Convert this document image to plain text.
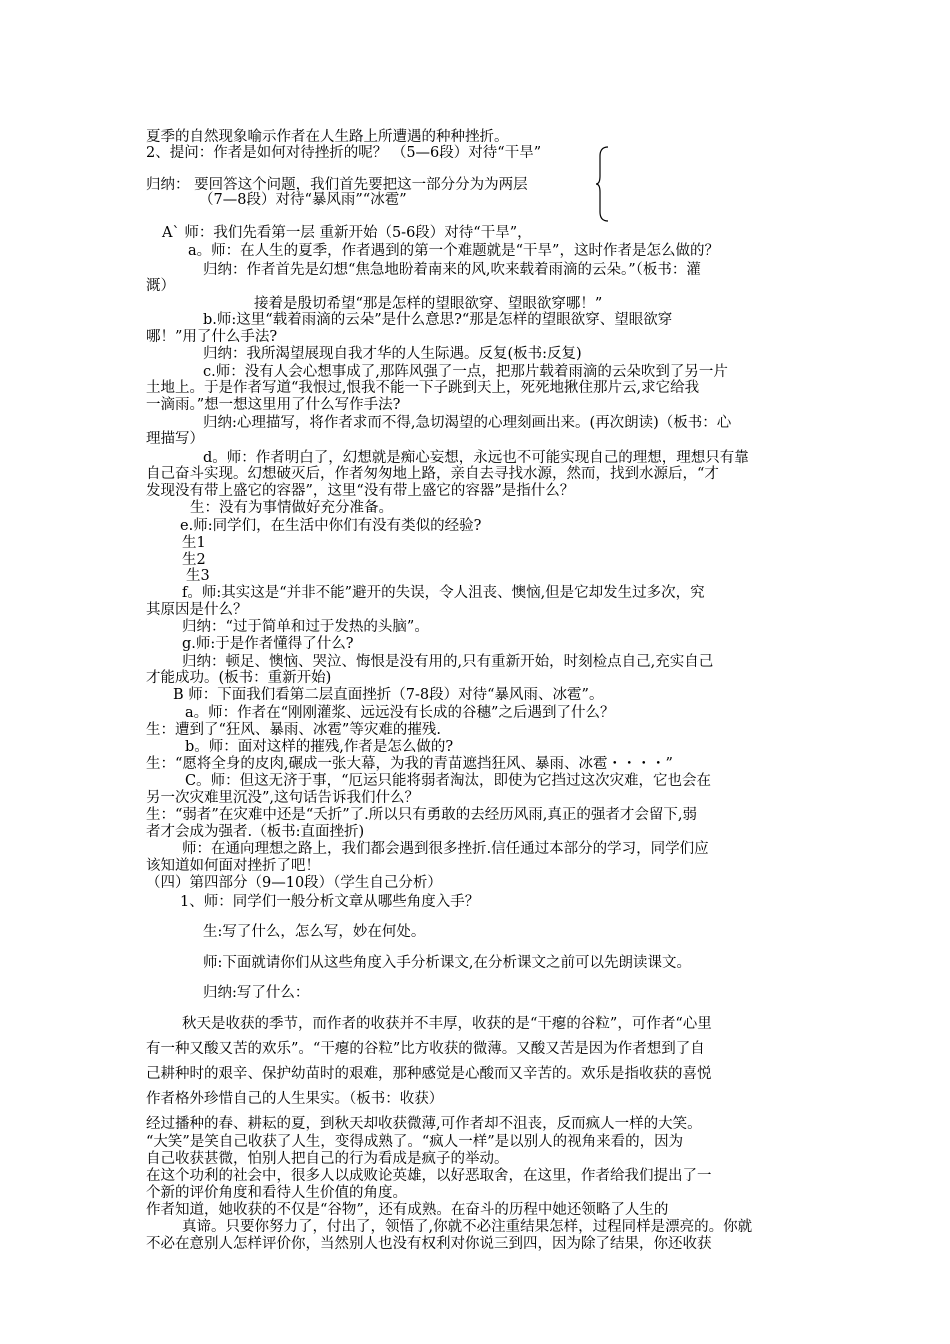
夏季的自然现象喻示作者在人生路上所遭遇的种种挫折。
2、提问：作者是如何对待挫折的呢？ （5—6段）对待“干旱”
归纳： 要回答这个问题，我们首先要把这一部分分为为两层
（7—8段）对待“暴风雨”“冰雹”
A` 师：我们先看第一层 重新开始（5-6段）对待“干旱”，
a。师：在人生的夏季，作者遇到的第一个难题就是“干旱”，这时作者是怎么做的？
归纳：作者首先是幻想“焦急地盼着南来的风,吹来载着雨滴的云朵。”（板书：灌
溉）
接着是殷切希望“那是怎样的望眼欲穿、望眼欲穿哪！”
b.师:这里“载着雨滴的云朵”是什么意思?“那是怎样的望眼欲穿、望眼欲穿
哪！”用了什么手法?
归纳：我所渴望展现自我才华的人生际遇。反复(板书:反复)
c.师：没有人会心想事成了,那阵风强了一点，把那片载着雨滴的云朵吹到了另一片
土地上。于是作者写道“我恨过,恨我不能一下子跳到天上，死死地揪住那片云,求它给我
一滴雨。”想一想这里用了什么写作手法?
归纳:心理描写，将作者求而不得,急切渴望的心理刻画出来。(再次朗读)（板书：心
理描写）
d。师：作者明白了，幻想就是痴心妄想，永远也不可能实现自己的理想，理想只有靠
自己奋斗实现。幻想破灭后，作者匆匆地上路，亲自去寻找水源，然而，找到水源后，“才
发现没有带上盛它的容器”，这里“没有带上盛它的容器”是指什么？
生：没有为事情做好充分准备。
e.师:同学们，在生活中你们有没有类似的经验?
生1
生2
生3
f。师:其实这是“并非不能”避开的失误，令人沮丧、懊恼,但是它却发生过多次，究
其原因是什么？
归纳：“过于简单和过于发热的头脑”。
g.师:于是作者懂得了什么?
归纳：顿足、懊恼、哭泣、悔恨是没有用的,只有重新开始，时刻检点自己,充实自己
才能成功。(板书：重新开始)
B 师：下面我们看第二层直面挫折（7-8段）对待“暴风雨、冰雹”。
a。师：作者在“刚刚灌浆、远远没有长成的谷穗”之后遇到了什么？
生：遭到了“狂风、暴雨、冰雹”等灾难的摧残.
b。师：面对这样的摧残,作者是怎么做的?
生：“愿将全身的皮肉,碾成一张大幕，为我的青苗遮挡狂风、暴雨、冰雹・・・・”
C。师：但这无济于事，“厄运只能将弱者淘汰，即使为它挡过这次灾难，它也会在
另一次灾难里沉没”,这句话告诉我们什么？
生：“弱者”在灾难中还是“夭折”了.所以只有勇敢的去经历风雨,真正的强者才会留下,弱
者才会成为强者.（板书:直面挫折)
师：在通向理想之路上，我们都会遇到很多挫折.信任通过本部分的学习，同学们应
该知道如何面对挫折了吧！
（四）第四部分（9—10段）（学生自己分析）
1、师：同学们一般分析文章从哪些角度入手？
生:写了什么，怎么写，妙在何处。
师:下面就请你们从这些角度入手分析课文,在分析课文之前可以先朗读课文。
归纳:写了什么：
秋天是收获的季节，而作者的收获并不丰厚，收获的是“干瘪的谷粒”，可作者“心里
有一种又酸又苦的欢乐”。“干瘪的谷粒”比方收获的微薄。又酸又苦是因为作者想到了自
己耕种时的艰辛、保护幼苗时的艰难，那种感觉是心酸而又辛苦的。欢乐是指收获的喜悦
作者格外珍惜自己的人生果实。（板书：收获）
经过播种的春、耕耘的夏，到秋天却收获微薄,可作者却不沮丧，反而疯人一样的大笑。
“大笑”是笑自己收获了人生，变得成熟了。“疯人一样”是以别人的视角来看的，因为
自己收获甚微，怕别人把自己的行为看成是疯子的举动。
在这个功利的社会中，很多人以成败论英雄，以好恶取舍，在这里，作者给我们提出了一
个新的评价角度和看待人生价值的角度。
作者知道，她收获的不仅是“谷物”，还有成熟。在奋斗的历程中她还领略了人生的
真谛。只要你努力了，付出了，领悟了,你就不必注重结果怎样，过程同样是漂亮的。你就
不必在意别人怎样评价你，当然别人也没有权利对你说三到四，因为除了结果，你还收获
